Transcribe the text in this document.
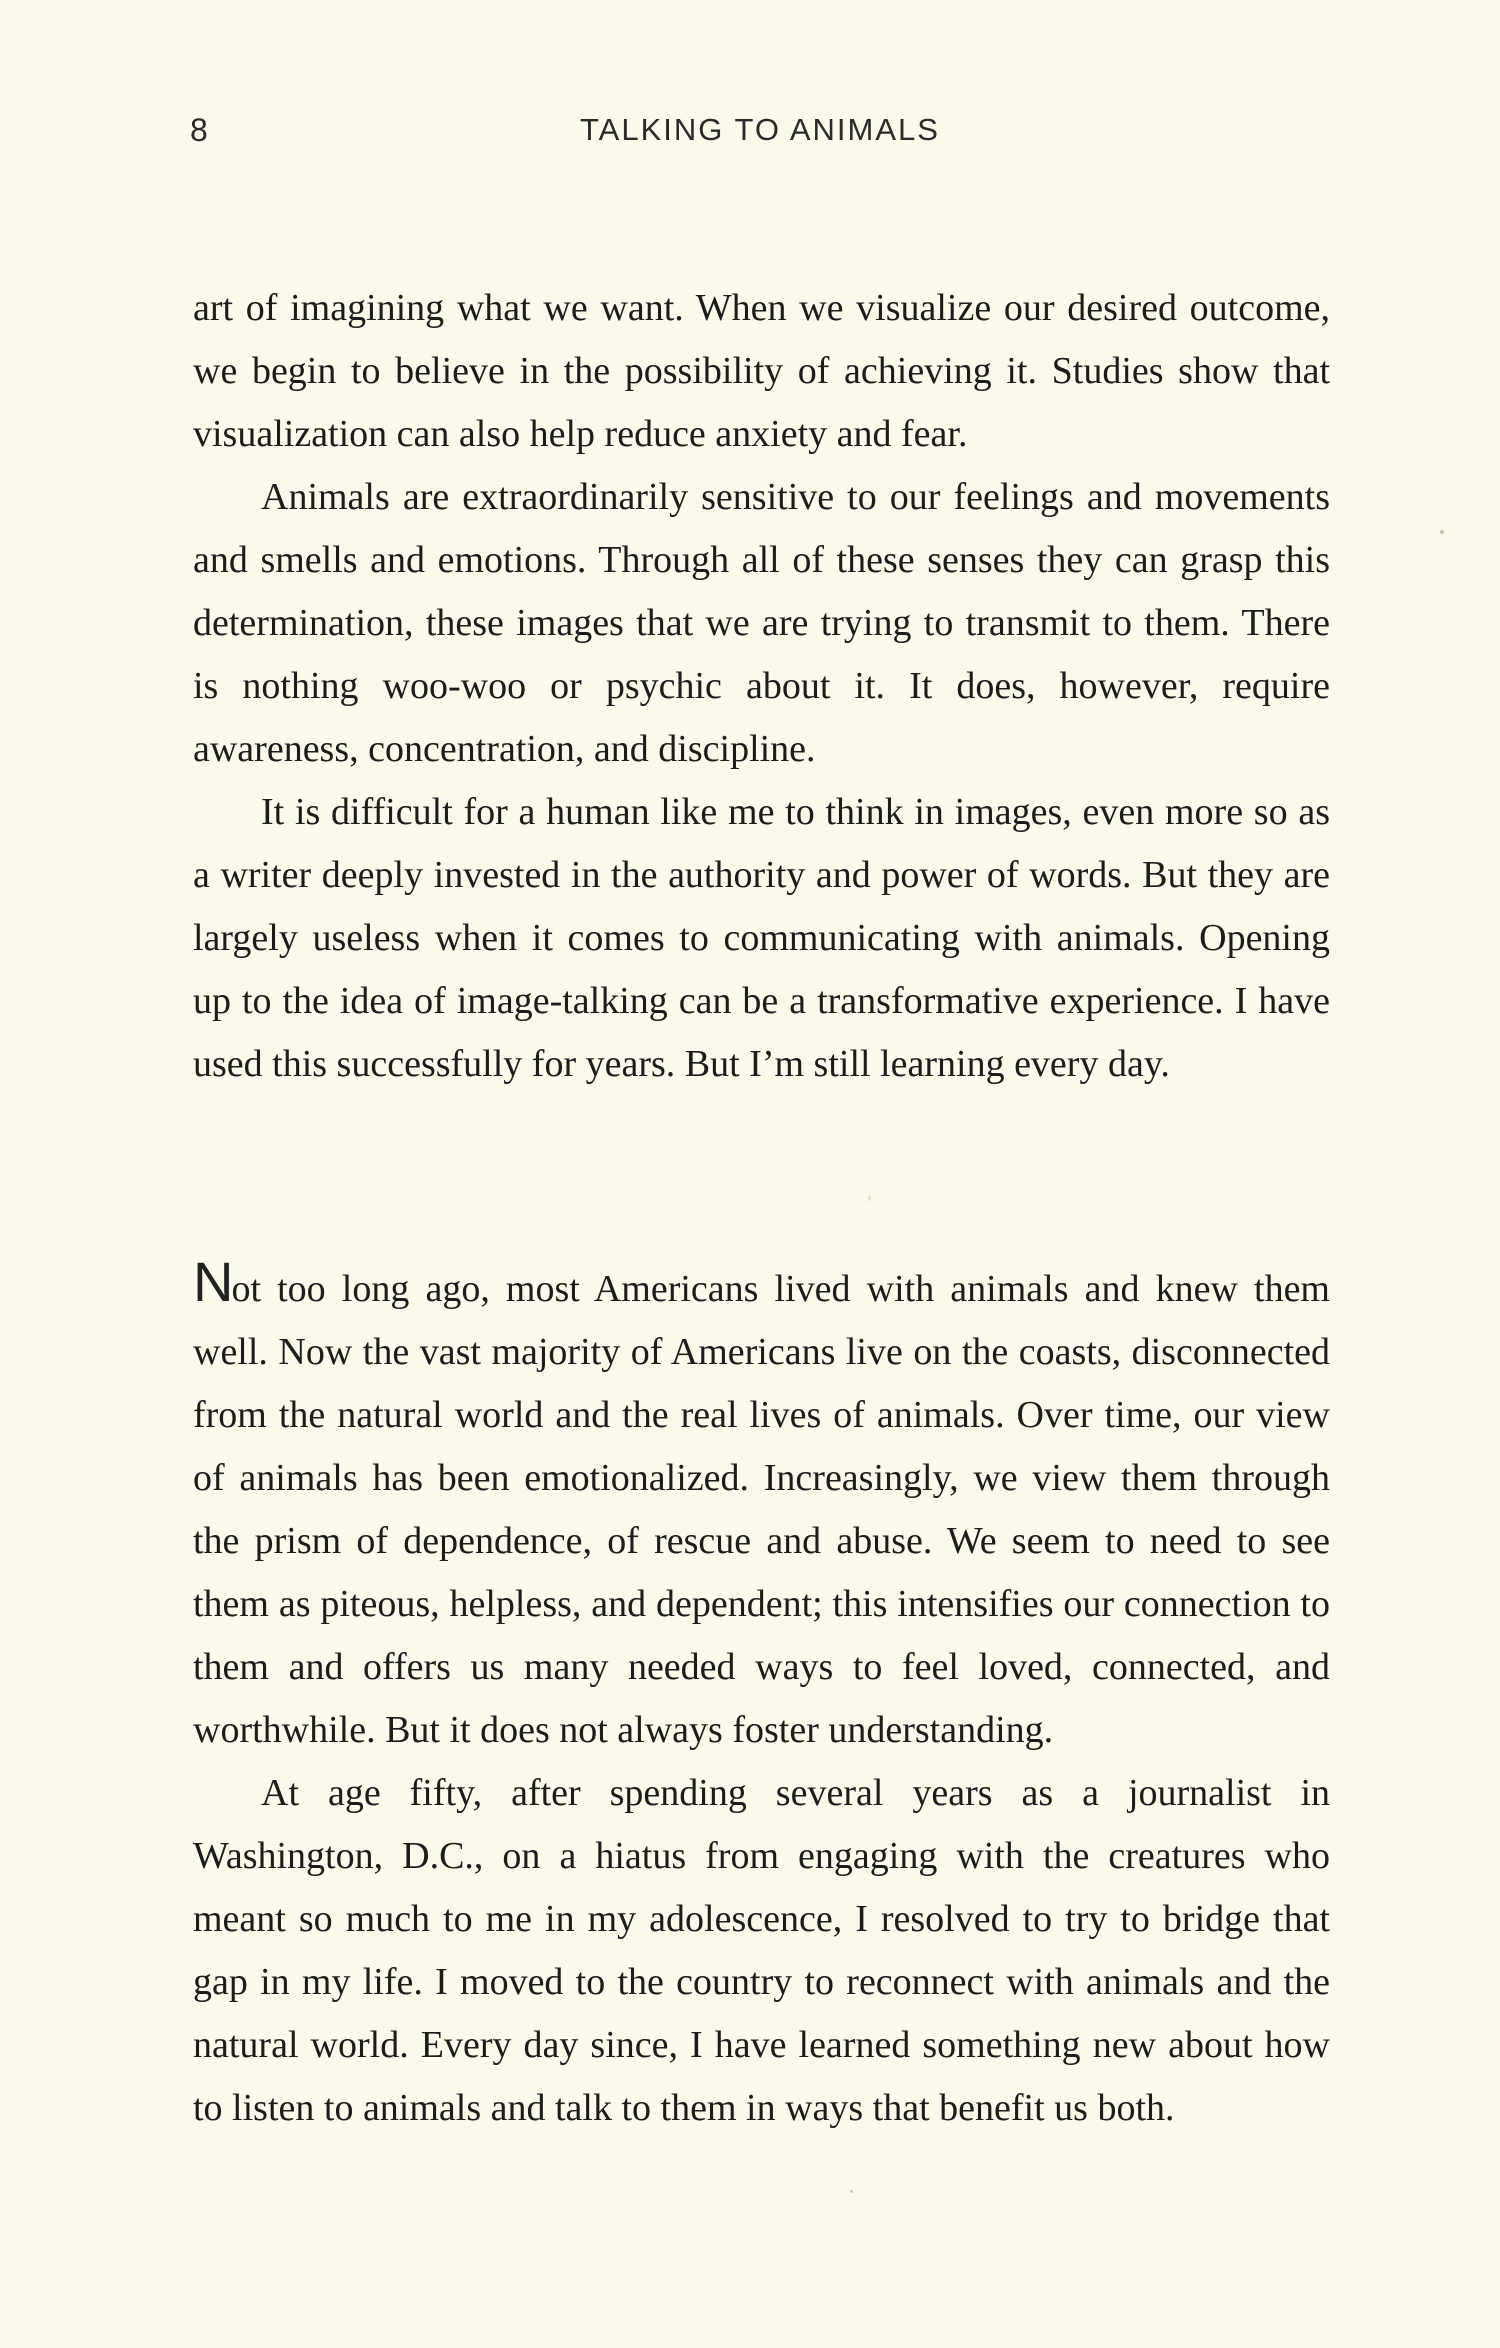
8	TALKING TO ANIMALS

art of imagining what we want. When we visualize our desired outcome, we begin to believe in the possibility of achieving it. Studies show that visualization can also help reduce anxiety and fear.

Animals are extraordinarily sensitive to our feelings and movements and smells and emotions. Through all of these senses they can grasp this determination, these images that we are trying to transmit to them. There is nothing woo-woo or psychic about it. It does, however, require awareness, concentration, and discipline.

It is difficult for a human like me to think in images, even more so as a writer deeply invested in the authority and power of words. But they are largely useless when it comes to communicating with animals. Opening up to the idea of image-talking can be a transformative experience. I have used this successfully for years. But I’m still learning every day.

Not too long ago, most Americans lived with animals and knew them well. Now the vast majority of Americans live on the coasts, disconnected from the natural world and the real lives of animals. Over time, our view of animals has been emotionalized. Increasingly, we view them through the prism of dependence, of rescue and abuse. We seem to need to see them as piteous, helpless, and dependent; this intensifies our connection to them and offers us many needed ways to feel loved, connected, and worthwhile. But it does not always foster understanding.

At age fifty, after spending several years as a journalist in Washington, D.C., on a hiatus from engaging with the creatures who meant so much to me in my adolescence, I resolved to try to bridge that gap in my life. I moved to the country to reconnect with animals and the natural world. Every day since, I have learned something new about how to listen to animals and talk to them in ways that benefit us both.
